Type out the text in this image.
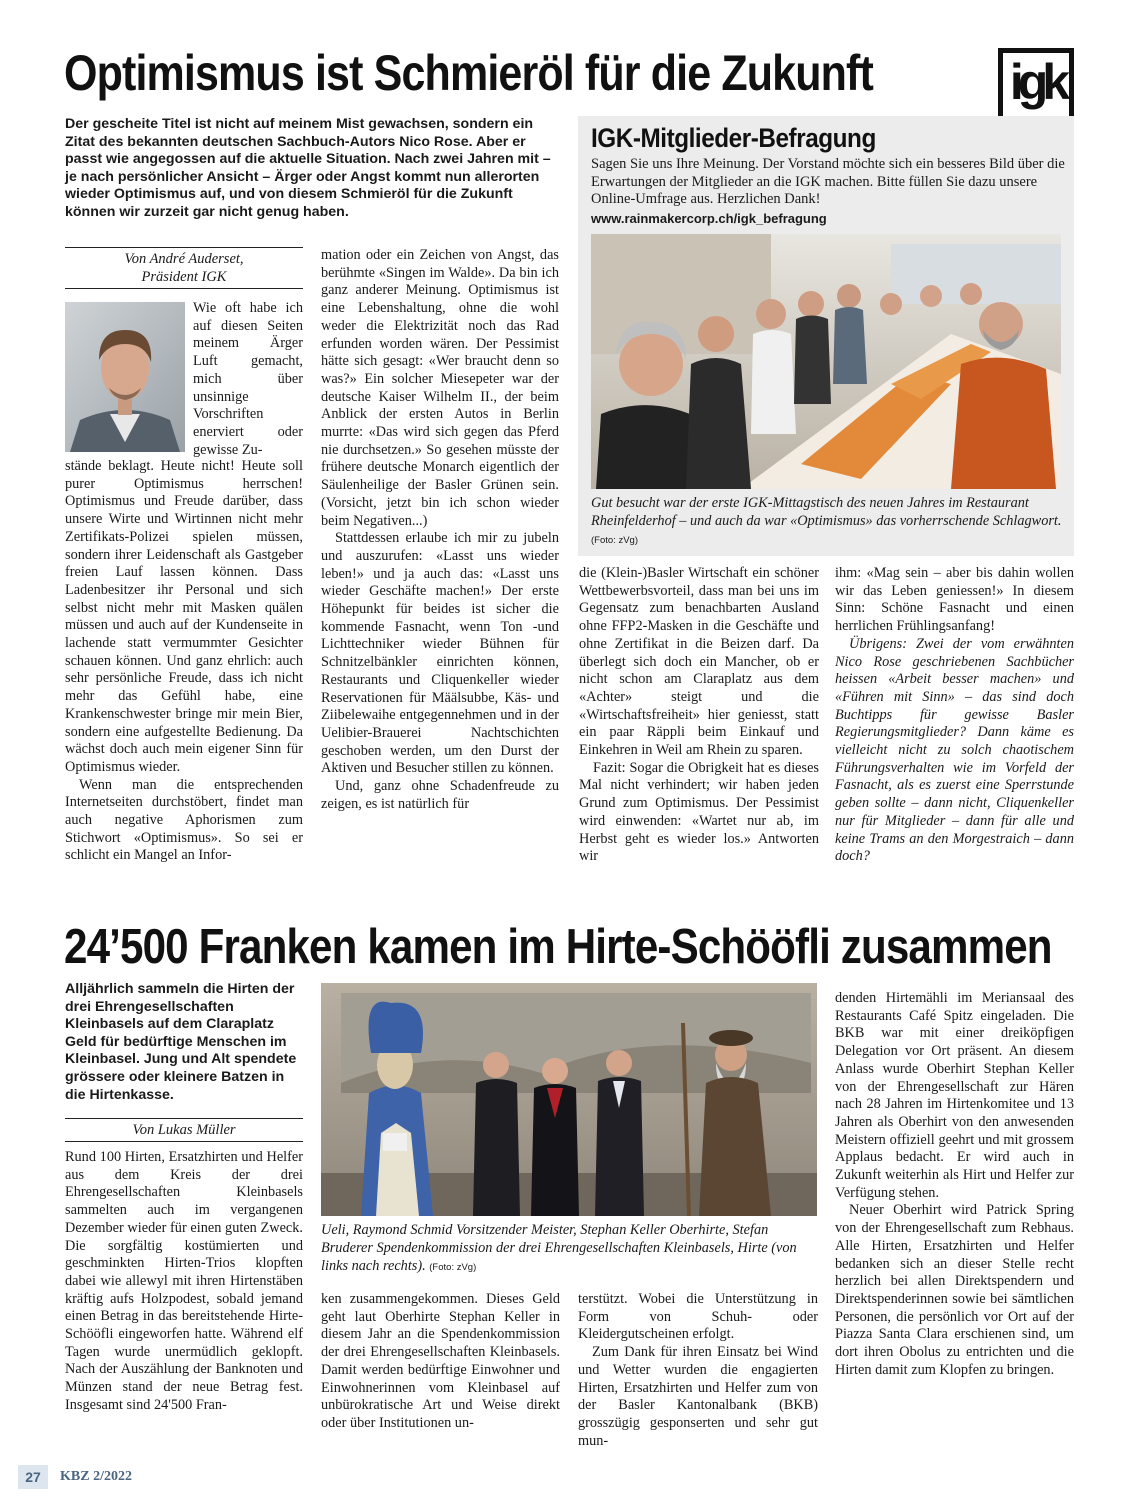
Optimismus ist Schmieröl für die Zukunft	igk
Der gescheite Titel ist nicht auf meinem Mist gewachsen, sondern ein Zitat des bekannten deutschen Sachbuch-Autors Nico Rose. Aber er passt wie angegossen auf die aktuelle Situation. Nach zwei Jahren mit – je nach persönlicher Ansicht – Ärger oder Angst kommt nun allerorten wieder Optimismus auf, und von diesem Schmieröl für die Zukunft können wir zurzeit gar nicht genug haben.
Von André Auderset,
Präsident IGK
Wie oft habe ich auf diesen Seiten meinem Ärger Luft gemacht, mich über unsinnige Vorschriften enerviert oder gewisse Zu-

stände beklagt. Heute nicht! Heute soll purer Optimismus herrschen! Optimismus und Freude darüber, dass unsere Wirte und Wirtinnen nicht mehr Zertifikats-Polizei spielen müssen, sondern ihrer Leidenschaft als Gastgeber freien Lauf lassen können. Dass Ladenbesitzer ihr Personal und sich selbst nicht mehr mit Masken quälen müssen und auch auf der Kundenseite in lachende statt vermummter Gesichter schauen können. Und ganz ehrlich: auch sehr persönliche Freude, dass ich nicht mehr das Gefühl habe, eine Krankenschwester bringe mir mein Bier, sondern eine aufgestellte Bedienung. Da wächst doch auch mein eigener Sinn für Optimismus wieder.

Wenn man die entsprechenden Internetseiten durchstöbert, findet man auch negative Aphorismen zum Stichwort «Optimismus». So sei er schlicht ein Mangel an Infor-

mation oder ein Zeichen von Angst, das berühmte «Singen im Walde». Da bin ich ganz anderer Meinung. Optimismus ist eine Lebenshaltung, ohne die wohl weder die Elektrizität noch das Rad erfunden worden wären. Der Pessimist hätte sich gesagt: «Wer braucht denn so was?» Ein solcher Miesepeter war der deutsche Kaiser Wilhelm II., der beim Anblick der ersten Autos in Berlin murrte: «Das wird sich gegen das Pferd nie durchsetzen.» So gesehen müsste der frühere deutsche Monarch eigentlich der Säulenheilige der Basler Grünen sein. (Vorsicht, jetzt bin ich schon wieder beim Negativen...)

Stattdessen erlaube ich mir zu jubeln und auszurufen: «Lasst uns wieder leben!» und ja auch das: «Lasst uns wieder Geschäfte machen!» Der erste Höhepunkt für beides ist sicher die kommende Fasnacht, wenn Ton -und Lichttechniker wieder Bühnen für Schnitzelbänkler einrichten können, Restaurants und Cliquenkeller wieder Reservationen für Määlsubbe, Käs- und Ziibelewaihe entgegennehmen und in der Uelibier-Brauerei Nachtschichten geschoben werden, um den Durst der Aktiven und Besucher stillen zu können.

Und, ganz ohne Schadenfreude zu zeigen, es ist natürlich für

IGK-Mitglieder-Befragung
Sagen Sie uns Ihre Meinung. Der Vorstand möchte sich ein besseres Bild über die Erwartungen der Mitglieder an die IGK machen. Bitte füllen Sie dazu unsere Online-Umfrage aus. Herzlichen Dank!
www.rainmakercorp.ch/igk_befragung
Gut besucht war der erste IGK-Mittagstisch des neuen Jahres im Restaurant Rheinfelderhof – und auch da war «Optimismus» das vorherrschende Schlagwort. (Foto: zVg)

die (Klein-)Basler Wirtschaft ein schöner Wettbewerbsvorteil, dass man bei uns im Gegensatz zum benachbarten Ausland ohne FFP2-Masken in die Geschäfte und ohne Zertifikat in die Beizen darf. Da überlegt sich doch ein Mancher, ob er nicht schon am Claraplatz aus dem «Achter» steigt und die «Wirtschaftsfreiheit» hier geniesst, statt ein paar Räppli beim Einkauf und Einkehren in Weil am Rhein zu sparen.

Fazit: Sogar die Obrigkeit hat es dieses Mal nicht verhindert; wir haben jeden Grund zum Optimismus. Der Pessimist wird einwenden: «Wartet nur ab, im Herbst geht es wieder los.» Antworten wir

ihm: «Mag sein – aber bis dahin wollen wir das Leben geniessen!» In diesem Sinn: Schöne Fasnacht und einen herrlichen Frühlingsanfang!

Übrigens: Zwei der vom erwähnten Nico Rose geschriebenen Sachbücher heissen «Arbeit besser machen» und «Führen mit Sinn» – das sind doch Buchtipps für gewisse Basler Regierungsmitglieder? Dann käme es vielleicht nicht zu solch chaotischem Führungsverhalten wie im Vorfeld der Fasnacht, als es zuerst eine Sperrstunde geben sollte – dann nicht, Cliquenkeller nur für Mitglieder – dann für alle und keine Trams an den Morgestraich – dann doch?

24’500 Franken kamen im Hirte-Schööfli zusammen
Alljährlich sammeln die Hirten der drei Ehrengesellschaften Kleinbasels auf dem Claraplatz Geld für bedürftige Menschen im Kleinbasel. Jung und Alt spendete grössere oder kleinere Batzen in die Hirtenkasse.
Von Lukas Müller

Rund 100 Hirten, Ersatzhirten und Helfer aus dem Kreis der drei Ehrengesellschaften Kleinbasels sammelten auch im vergangenen Dezember wieder für einen guten Zweck. Die sorgfältig kostümierten und geschminkten Hirten-Trios klopften dabei wie allewyl mit ihren Hirtenstäben kräftig aufs Holzpodest, sobald jemand einen Betrag in das bereitstehende Hirte-Schööfli eingeworfen hatte. Während elf Tagen wurde unermüdlich geklopft. Nach der Auszählung der Banknoten und Münzen stand der neue Betrag fest. Insgesamt sind 24'500 Fran-

Ueli, Raymond Schmid Vorsitzender Meister, Stephan Keller Oberhirte, Stefan Bruderer Spendenkommission der drei Ehrengesellschaften Kleinbasels, Hirte (von links nach rechts). (Foto: zVg)

ken zusammengekommen. Dieses Geld geht laut Oberhirte Stephan Keller in diesem Jahr an die Spendenkommission der drei Ehrengesellschaften Kleinbasels. Damit werden bedürftige Einwohner und Einwohnerinnen vom Kleinbasel auf unbürokratische Art und Weise direkt oder über Institutionen un-

terstützt. Wobei die Unterstützung in Form von Schuh- oder Kleidergutscheinen erfolgt.

Zum Dank für ihren Einsatz bei Wind und Wetter wurden die engagierten Hirten, Ersatzhirten und Helfer zum von der Basler Kantonalbank (BKB) grosszügig gesponserten und sehr gut mun-

denden Hirtemähli im Meriansaal des Restaurants Café Spitz eingeladen. Die BKB war mit einer dreiköpfigen Delegation vor Ort präsent. An diesem Anlass wurde Oberhirt Stephan Keller von der Ehrengesellschaft zur Hären nach 28 Jahren im Hirtenkomitee und 13 Jahren als Oberhirt von den anwesenden Meistern offiziell geehrt und mit grossem Applaus bedacht. Er wird auch in Zukunft weiterhin als Hirt und Helfer zur Verfügung stehen.

Neuer Oberhirt wird Patrick Spring von der Ehrengesellschaft zum Rebhaus. Alle Hirten, Ersatzhirten und Helfer bedanken sich an dieser Stelle recht herzlich bei allen Direktspendern und Direktspenderinnen sowie bei sämtlichen Personen, die persönlich vor Ort auf der Piazza Santa Clara erschienen sind, um dort ihren Obolus zu entrichten und die Hirten damit zum Klopfen zu bringen.

27	KBZ 2/2022
